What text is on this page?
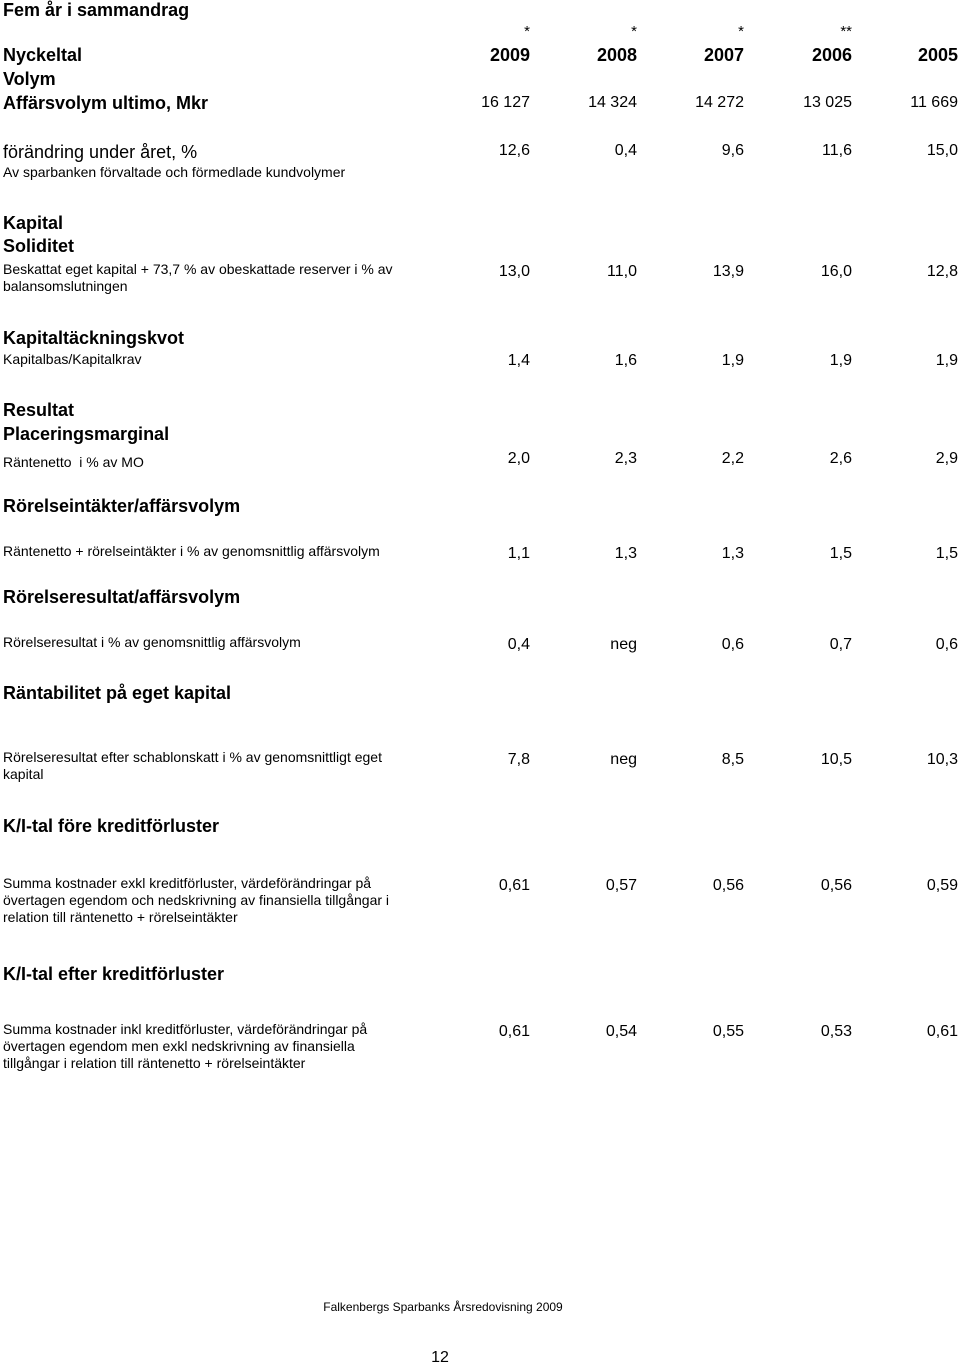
Fem år i sammandrag
*	*	*	**
Nyckeltal	2009	2008	2007	2006	2005
Volym
Affärsvolym ultimo, Mkr	16 127	14 324	14 272	13 025	11 669
förändring under året, %	12,6	0,4	9,6	11,6	15,0
Av sparbanken förvaltade och förmedlade kundvolymer
Kapital
Soliditet
Beskattat eget kapital + 73,7 % av obeskattade reserver i % av balansomslutningen
13,0	11,0	13,9	16,0	12,8
Kapitaltäckningskvot
Kapitalbas/Kapitalkrav	1,4	1,6	1,9	1,9	1,9
Resultat
Placeringsmarginal
Räntenetto  i % av MO	2,0	2,3	2,2	2,6	2,9
Rörelseintäkter/affärsvolym
Räntenetto + rörelseintäkter i % av genomsnittlig affärsvolym	1,1	1,3	1,3	1,5	1,5
Rörelseresultat/affärsvolym
Rörelseresultat i % av genomsnittlig affärsvolym	0,4	neg	0,6	0,7	0,6
Räntabilitet på eget kapital
Rörelseresultat efter schablonskatt i % av genomsnittligt eget kapital
7,8	neg	8,5	10,5	10,3
K/I-tal före kreditförluster
Summa kostnader exkl kreditförluster, värdeförändringar på övertagen egendom och nedskrivning av finansiella tillgångar i relation till räntenetto + rörelseintäkter
0,61	0,57	0,56	0,56	0,59
K/I-tal efter kreditförluster
Summa kostnader inkl kreditförluster, värdeförändringar på övertagen egendom men exkl nedskrivning av finansiella tillgångar i relation till räntenetto + rörelseintäkter
0,61	0,54	0,55	0,53	0,61
Falkenbergs Sparbanks Årsredovisning 2009
12
